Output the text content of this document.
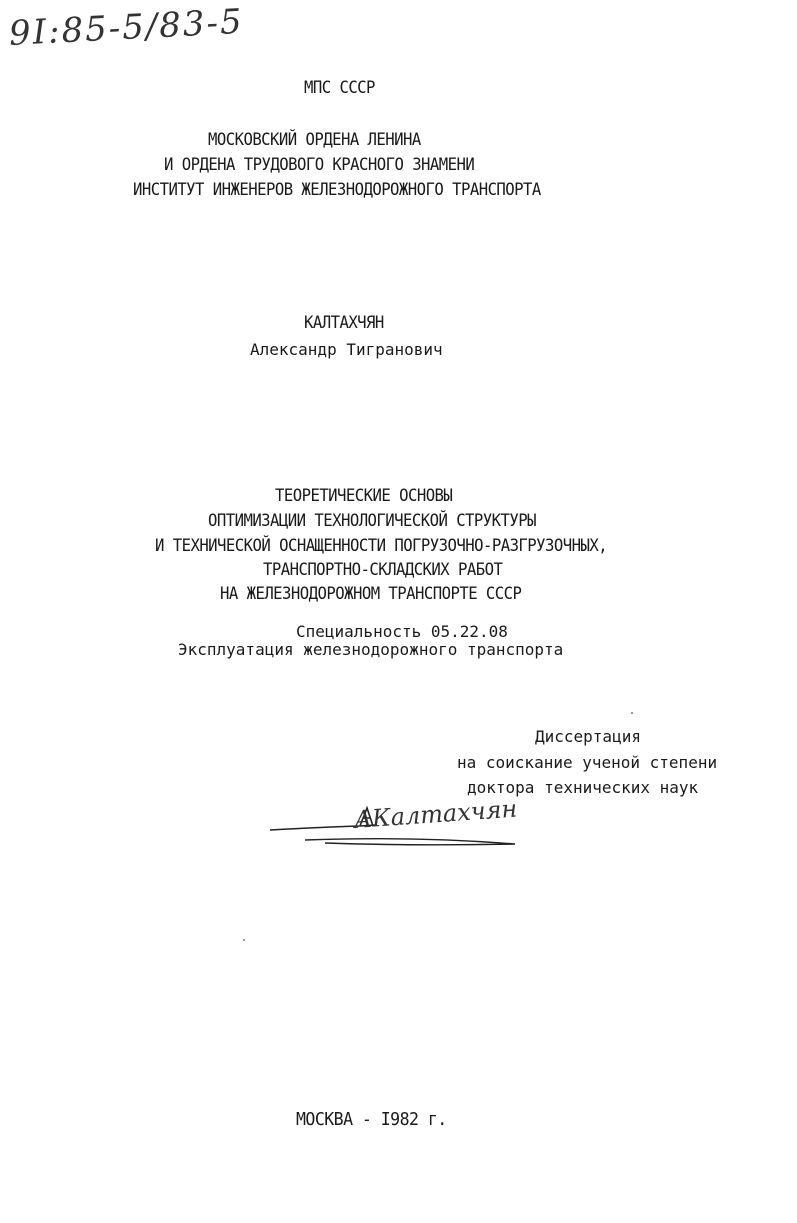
9I:85-5/83-5
МПС СССР
МОСКОВСКИЙ ОРДЕНА ЛЕНИНА
И ОРДЕНА ТРУДОВОГО КРАСНОГО ЗНАМЕНИ
ИНСТИТУТ ИНЖЕНЕРОВ ЖЕЛЕЗНОДОРОЖНОГО ТРАНСПОРТА
КАЛТАХЧЯН
Александр Тигранович
ТЕОРЕТИЧЕСКИЕ ОСНОВЫ
ОПТИМИЗАЦИИ ТЕХНОЛОГИЧЕСКОЙ СТРУКТУРЫ
И ТЕХНИЧЕСКОЙ ОСНАЩЕННОСТИ ПОГРУЗОЧНО-РАЗГРУЗОЧНЫХ,
ТРАНСПОРТНО-СКЛАДСКИХ РАБОТ
НА ЖЕЛЕЗНОДОРОЖНОМ ТРАНСПОРТЕ СССР
Специальность 05.22.08
Эксплуатация железнодорожного транспорта
Диссертация
на соискание ученой степени
доктора технических наук
АКалтахчян
МОСКВА - I982 г.
